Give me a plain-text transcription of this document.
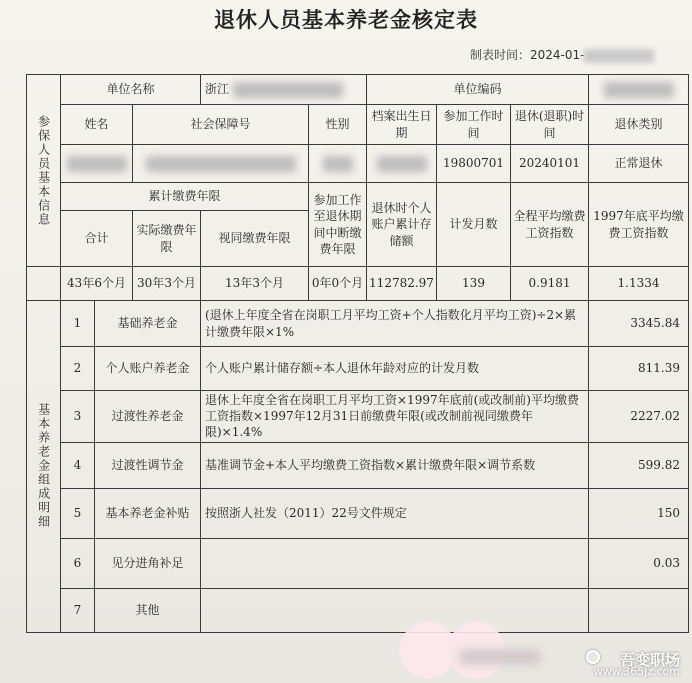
退休人员基本养老金核定表
制表时间：2024-01-
参保人员基本信息	单位名称			浙江		单位编码			
	姓名		社会保障号		性别	档案出生日期	参加工作时间	退休(退职)时间	退休类别
							19800701	20240101	正常退休
	累计缴费年限				参加工作至退休期间中断缴费年限	退休时个人账户累计存储额	计发月数	全程平均缴费工资指数	1997年底平均缴费工资指数
	合计		实际缴费年限	视同缴费年限					
	43年6个月		30年3个月	13年3个月	0年0个月	112782.97	139	0.9181	1.1334
基本养老金组成明细	1	基础养老金		(退休上年度全省在岗职工月平均工资+个人指数化月平均工资)÷2×累计缴费年限×1%					3345.84
	2	个人账户养老金		个人账户累计储存额÷本人退休年龄对应的计发月数					811.39
	3	过渡性养老金		退休上年度全省在岗职工月平均工资×1997年底前(或改制前)平均缴费工资指数×1997年12月31日前缴费年限(或改制前视同缴费年限)×1.4%					2227.02
	4	过渡性调节金		基准调节金+本人平均缴费工资指数×累计缴费年限×调节系数					599.82
	5	基本养老金补贴		按照浙人社发（2011）22号文件规定					150
	6	见分进角补足							0.03
	7	其他							
吾变职场
www.365jz.com
